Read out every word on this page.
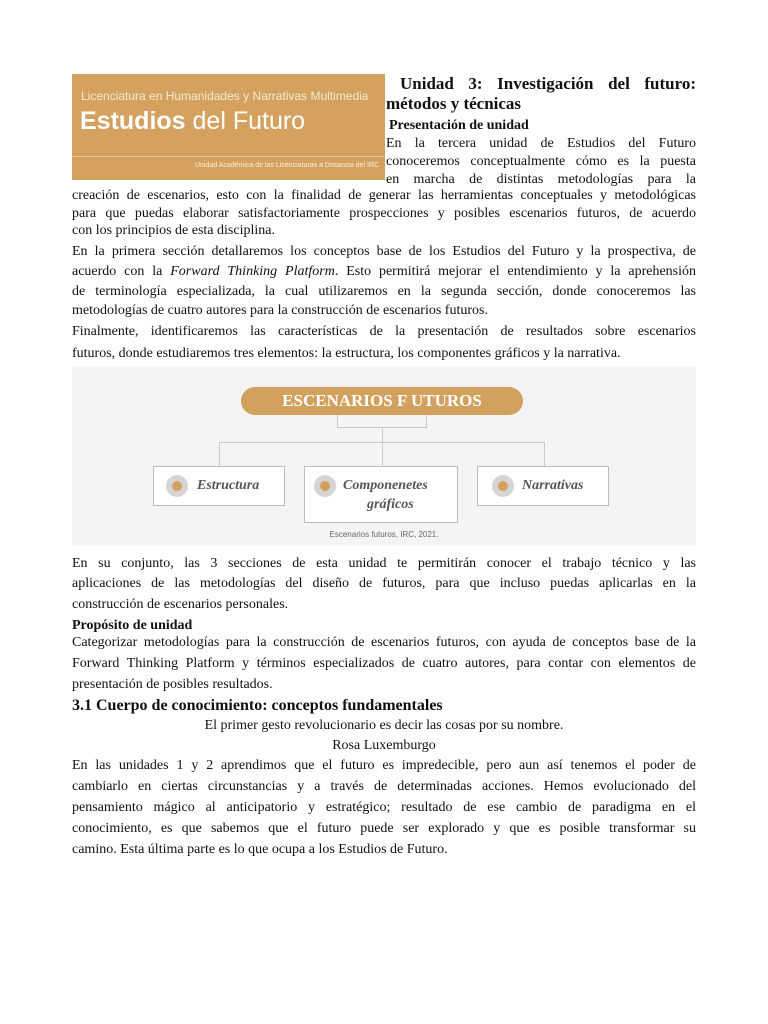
Licenciatura en Humanidades y Narrativas Multimedia
Estudios del Futuro
Unidad Académica de las Licenciaturas a Distancia del IRC
Unidad 3: Investigación del futuro:
métodos y técnicas
Presentación de unidad
En la tercera unidad de Estudios del Futuro
conoceremos conceptualmente cómo es la puesta
en marcha de distintas metodologías para la
creación de escenarios, esto con la finalidad de generar las herramientas conceptuales y metodológicas
para que puedas elaborar satisfactoriamente prospecciones y posibles escenarios futuros, de acuerdo
con los principios de esta disciplina.
En la primera sección detallaremos los conceptos base de los Estudios del Futuro y la prospectiva, de
acuerdo con la Forward Thinking Platform. Esto permitirá mejorar el entendimiento y la aprehensión
de terminología especializada, la cual utilizaremos en la segunda sección, donde conoceremos las
metodologías de cuatro autores para la construcción de escenarios futuros.
Finalmente, identificaremos las características de la presentación de resultados sobre escenarios
futuros, donde estudiaremos tres elementos: la estructura, los componentes gráficos y la narrativa.
ESCENARIOS F UTUROS
Estructura	Componenetes
gráficos
Narrativas
Escenarios futuros, IRC, 2021.
En su conjunto, las 3 secciones de esta unidad te permitirán conocer el trabajo técnico y las
aplicaciones de las metodologías del diseño de futuros, para que incluso puedas aplicarlas en la
construcción de escenarios personales.
Propósito de unidad
Categorizar metodologías para la construcción de escenarios futuros, con ayuda de conceptos base de la
Forward Thinking Platform y términos especializados de cuatro autores, para contar con elementos de
presentación de posibles resultados.
3.1 Cuerpo de conocimiento: conceptos fundamentales
El primer gesto revolucionario es decir las cosas por su nombre.
Rosa Luxemburgo
En las unidades 1 y 2 aprendimos que el futuro es impredecible, pero aun así tenemos el poder de
cambiarlo en ciertas circunstancias y a través de determinadas acciones. Hemos evolucionado del
pensamiento mágico al anticipatorio y estratégico; resultado de ese cambio de paradigma en el
conocimiento, es que sabemos que el futuro puede ser explorado y que es posible transformar su
camino. Esta última parte es lo que ocupa a los Estudios de Futuro.
